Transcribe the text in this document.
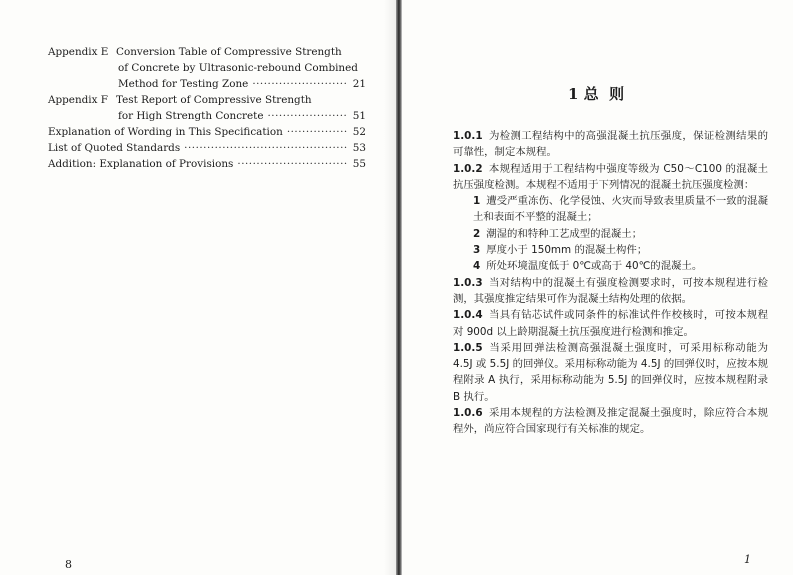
Appendix E Conversion Table of Compressive Strength
of Concrete by Ultrasonic-rebound Combined
Method for Testing Zone ·····	21
Appendix F Test Report of Compressive Strength
for High Strength Concrete ·····	51
Explanation of Wording in This Specification ·····	52
List of Quoted Standards ·····	53
Addition: Explanation of Provisions ·····	55
8	1
1 总  则

1.0.1 为检测工程结构中的高强混凝土抗压强度，保证检测结果的可靠性，制定本规程。

1.0.2 本规程适用于工程结构中强度等级为 C50～C100 的混凝土抗压强度检测。本规程不适用于下列情况的混凝土抗压强度检测：

1 遭受严重冻伤、化学侵蚀、火灾而导致表里质量不一致的混凝土和表面不平整的混凝土；

2 潮湿的和特种工艺成型的混凝土；

3 厚度小于 150mm 的混凝土构件；

4 所处环境温度低于 0℃或高于 40℃的混凝土。

1.0.3 当对结构中的混凝土有强度检测要求时，可按本规程进行检测，其强度推定结果可作为混凝土结构处理的依据。

1.0.4 当具有钻芯试件或同条件的标准试件作校核时，可按本规程对 900d 以上龄期混凝土抗压强度进行检测和推定。

1.0.5 当采用回弹法检测高强混凝土强度时，可采用标称动能为 4.5J 或 5.5J 的回弹仪。采用标称动能为 4.5J 的回弹仪时，应按本规程附录 A 执行，采用标称动能为 5.5J 的回弹仪时，应按本规程附录 B 执行。

1.0.6 采用本规程的方法检测及推定混凝土强度时，除应符合本规程外，尚应符合国家现行有关标准的规定。
